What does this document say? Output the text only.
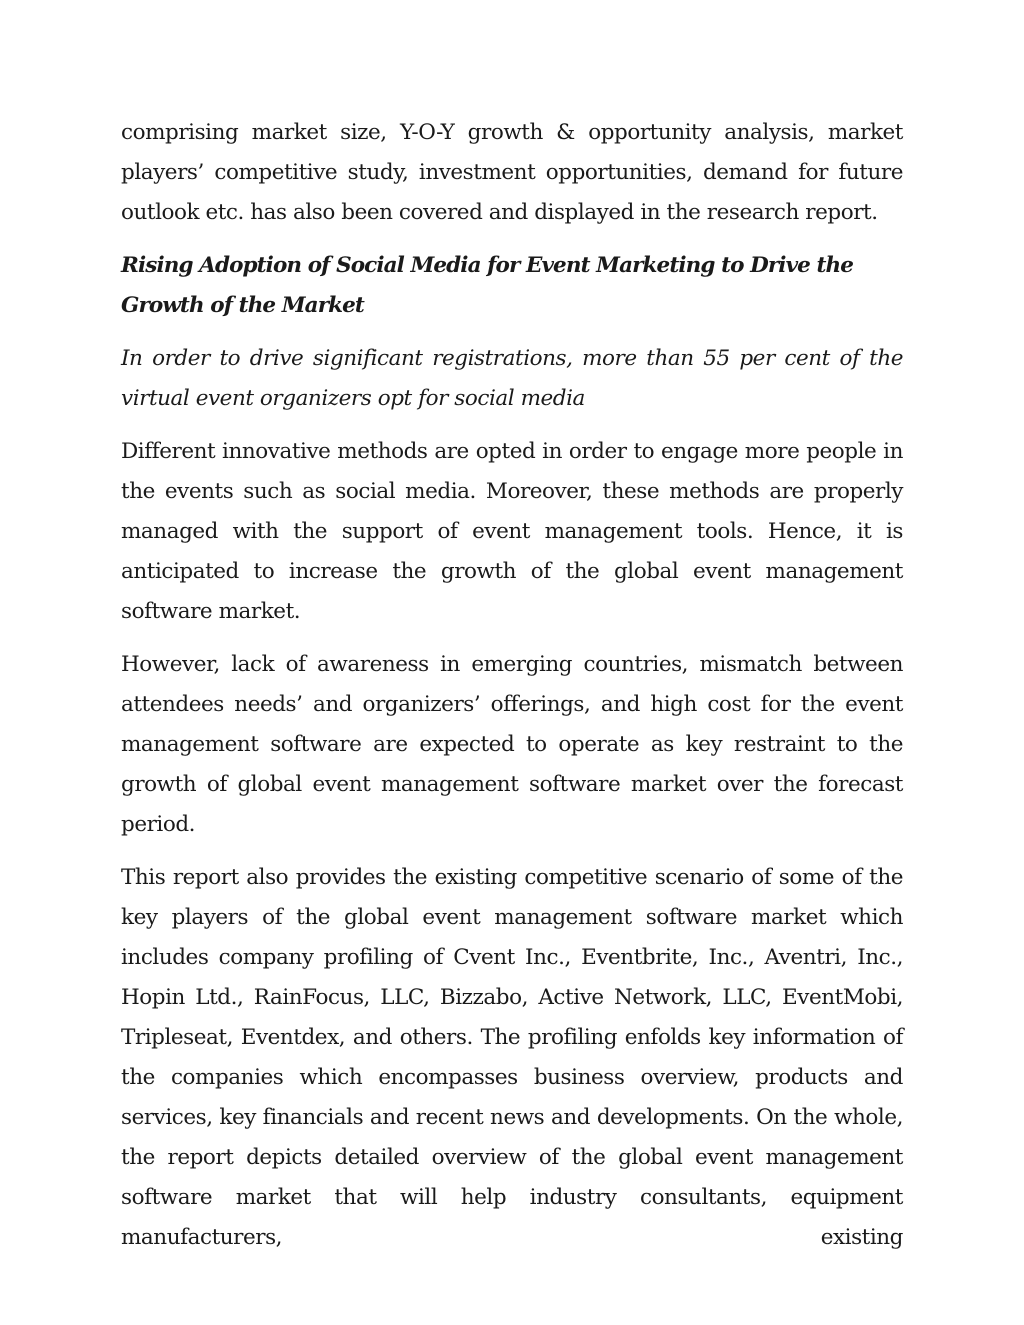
comprising market size, Y-O-Y growth & opportunity analysis, market players’ competitive study, investment opportunities, demand for future outlook etc. has also been covered and displayed in the research report.

Rising Adoption of Social Media for Event Marketing to Drive the Growth of the Market

In order to drive significant registrations, more than 55 per cent of the virtual event organizers opt for social media

Different innovative methods are opted in order to engage more people in the events such as social media. Moreover, these methods are properly managed with the support of event management tools. Hence, it is anticipated to increase the growth of the global event management software market.

However, lack of awareness in emerging countries, mismatch between attendees needs’ and organizers’ offerings, and high cost for the event management software are expected to operate as key restraint to the growth of global event management software market over the forecast period.

This report also provides the existing competitive scenario of some of the key players of the global event management software market which includes company profiling of Cvent Inc., Eventbrite, Inc., Aventri, Inc., Hopin Ltd., RainFocus, LLC, Bizzabo, Active Network, LLC, EventMobi, Tripleseat, Eventdex, and others. The profiling enfolds key information of the companies which encompasses business overview, products and services, key financials and recent news and developments. On the whole, the report depicts detailed overview of the global event management software market that will help industry consultants, equipment manufacturers, existing
